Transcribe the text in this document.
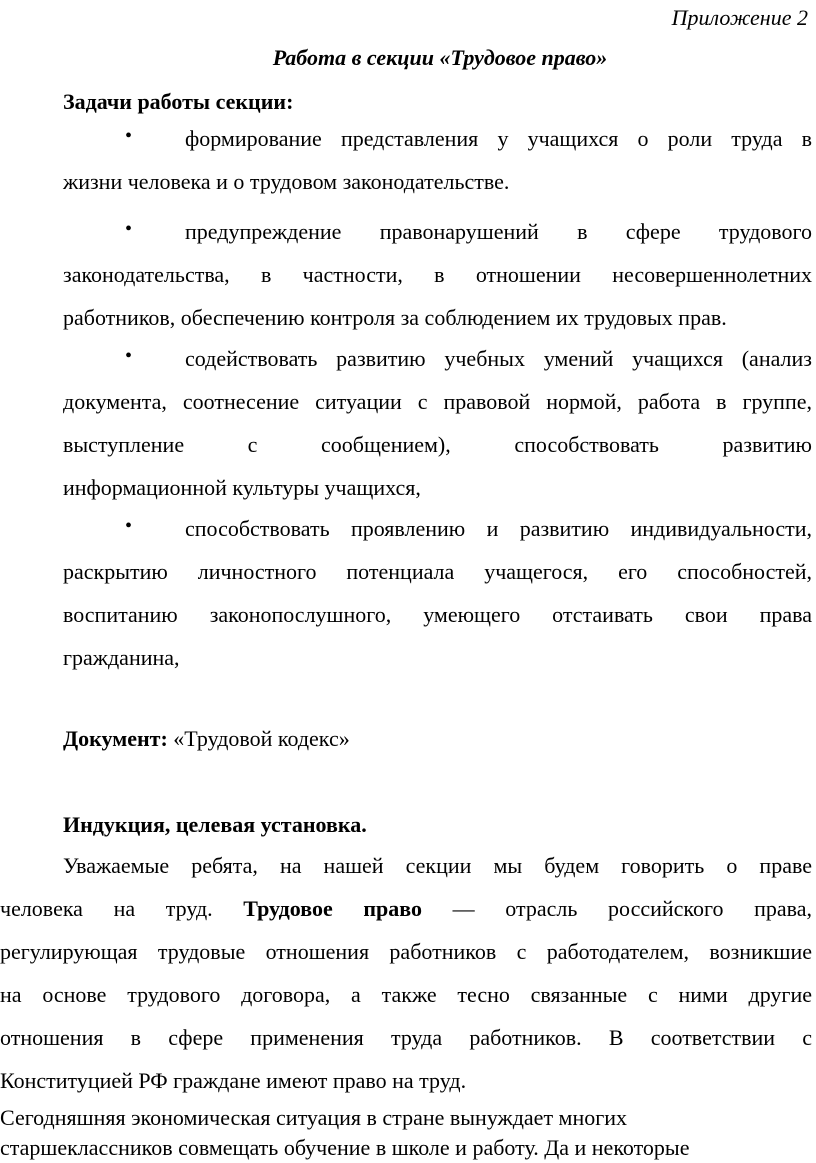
Приложение 2
Работа в секции «Трудовое право»
Задачи работы секции:
• формирование представления у учащихся о роли труда в
жизни человека и о трудовом законодательстве.
• предупреждение правонарушений в сфере трудового
законодательства, в частности, в отношении несовершеннолетних
работников, обеспечению контроля за соблюдением их трудовых прав.
• содействовать развитию учебных умений учащихся (анализ
документа, соотнесение ситуации с правовой нормой, работа в группе,
выступление с сообщением), способствовать развитию
информационной культуры учащихся,
• способствовать проявлению и развитию индивидуальности,
раскрытию личностного потенциала учащегося, его способностей,
воспитанию законопослушного, умеющего отстаивать свои права
гражданина,
Документ: «Трудовой кодекс»
Индукция, целевая установка.
Уважаемые ребята, на нашей секции мы будем говорить о праве
человека на труд. Трудовое право — отрасль российского права,
регулирующая трудовые отношения работников с работодателем, возникшие
на основе трудового договора, а также тесно связанные с ними другие
отношения в сфере применения труда работников. В соответствии с
Конституцией РФ граждане имеют право на труд.
Сегодняшняя экономическая ситуация в стране вынуждает многих
старшеклассников совмещать обучение в школе и работу. Да и некоторые
